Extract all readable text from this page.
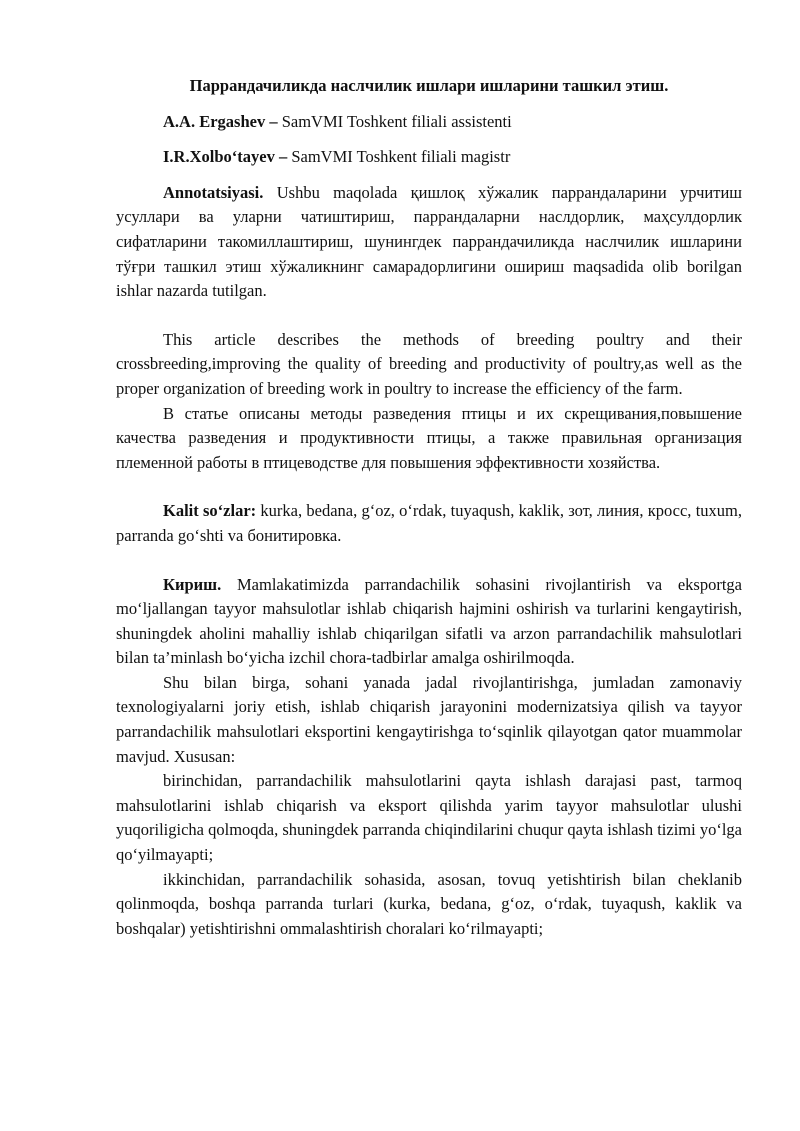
Паррандачиликда наслчилик ишлари ишларини ташкил этиш.

A.A. Ergashev – SamVMI Toshkent filiali assistenti

I.R.Xolbo‘tayev – SamVMI Toshkent filiali magistr

Annotatsiyasi. Ushbu maqolada қишлоқ хўжалик паррандаларини урчитиш усуллари ва уларни чатиштириш, паррандаларни наслдорлик, маҳсулдорлик сифатларини такомиллаштириш, шунингдек паррандачиликда наслчилик ишларини тўғри ташкил этиш хўжаликнинг самарадорлигини ошириш maqsadida olib borilgan ishlar nazarda tutilgan.

This article describes the methods of breeding poultry and their crossbreeding,improving the quality of breeding and productivity of poultry,as well as the proper organization of breeding work in poultry to increase the efficiency of the farm.

В статье описаны методы разведения птицы и их скрещивания,повышение качества разведения и продуктивности птицы, а также правильная организация племенной работы в птицеводстве для повышения эффективности хозяйства.

Kalit so‘zlar: kurka, bedana, g‘oz, o‘rdak, tuyaqush, kaklik, зот, линия, кросс, tuxum, parranda go‘shti va бонитировка.

Кириш. Mamlakatimizda parrandachilik sohasini rivojlantirish va eksportga mo‘ljallangan tayyor mahsulotlar ishlab chiqarish hajmini oshirish va turlarini kengaytirish, shuningdek aholini mahalliy ishlab chiqarilgan sifatli va arzon parrandachilik mahsulotlari bilan ta’minlash bo‘yicha izchil chora-tadbirlar amalga oshirilmoqda.

Shu bilan birga, sohani yanada jadal rivojlantirishga, jumladan zamonaviy texnologiyalarni joriy etish, ishlab chiqarish jarayonini modernizatsiya qilish va tayyor parrandachilik mahsulotlari eksportini kengaytirishga to‘sqinlik qilayotgan qator muammolar mavjud. Xususan:

birinchidan, parrandachilik mahsulotlarini qayta ishlash darajasi past, tarmoq mahsulotlarini ishlab chiqarish va eksport qilishda yarim tayyor mahsulotlar ulushi yuqoriligicha qolmoqda, shuningdek parranda chiqindilarini chuqur qayta ishlash tizimi yo‘lga qo‘yilmayapti;

ikkinchidan, parrandachilik sohasida, asosan, tovuq yetishtirish bilan cheklanib qolinmoqda, boshqa parranda turlari (kurka, bedana, g‘oz, o‘rdak, tuyaqush, kaklik va boshqalar) yetishtirishni ommalashtirish choralari ko‘rilmayapti;
